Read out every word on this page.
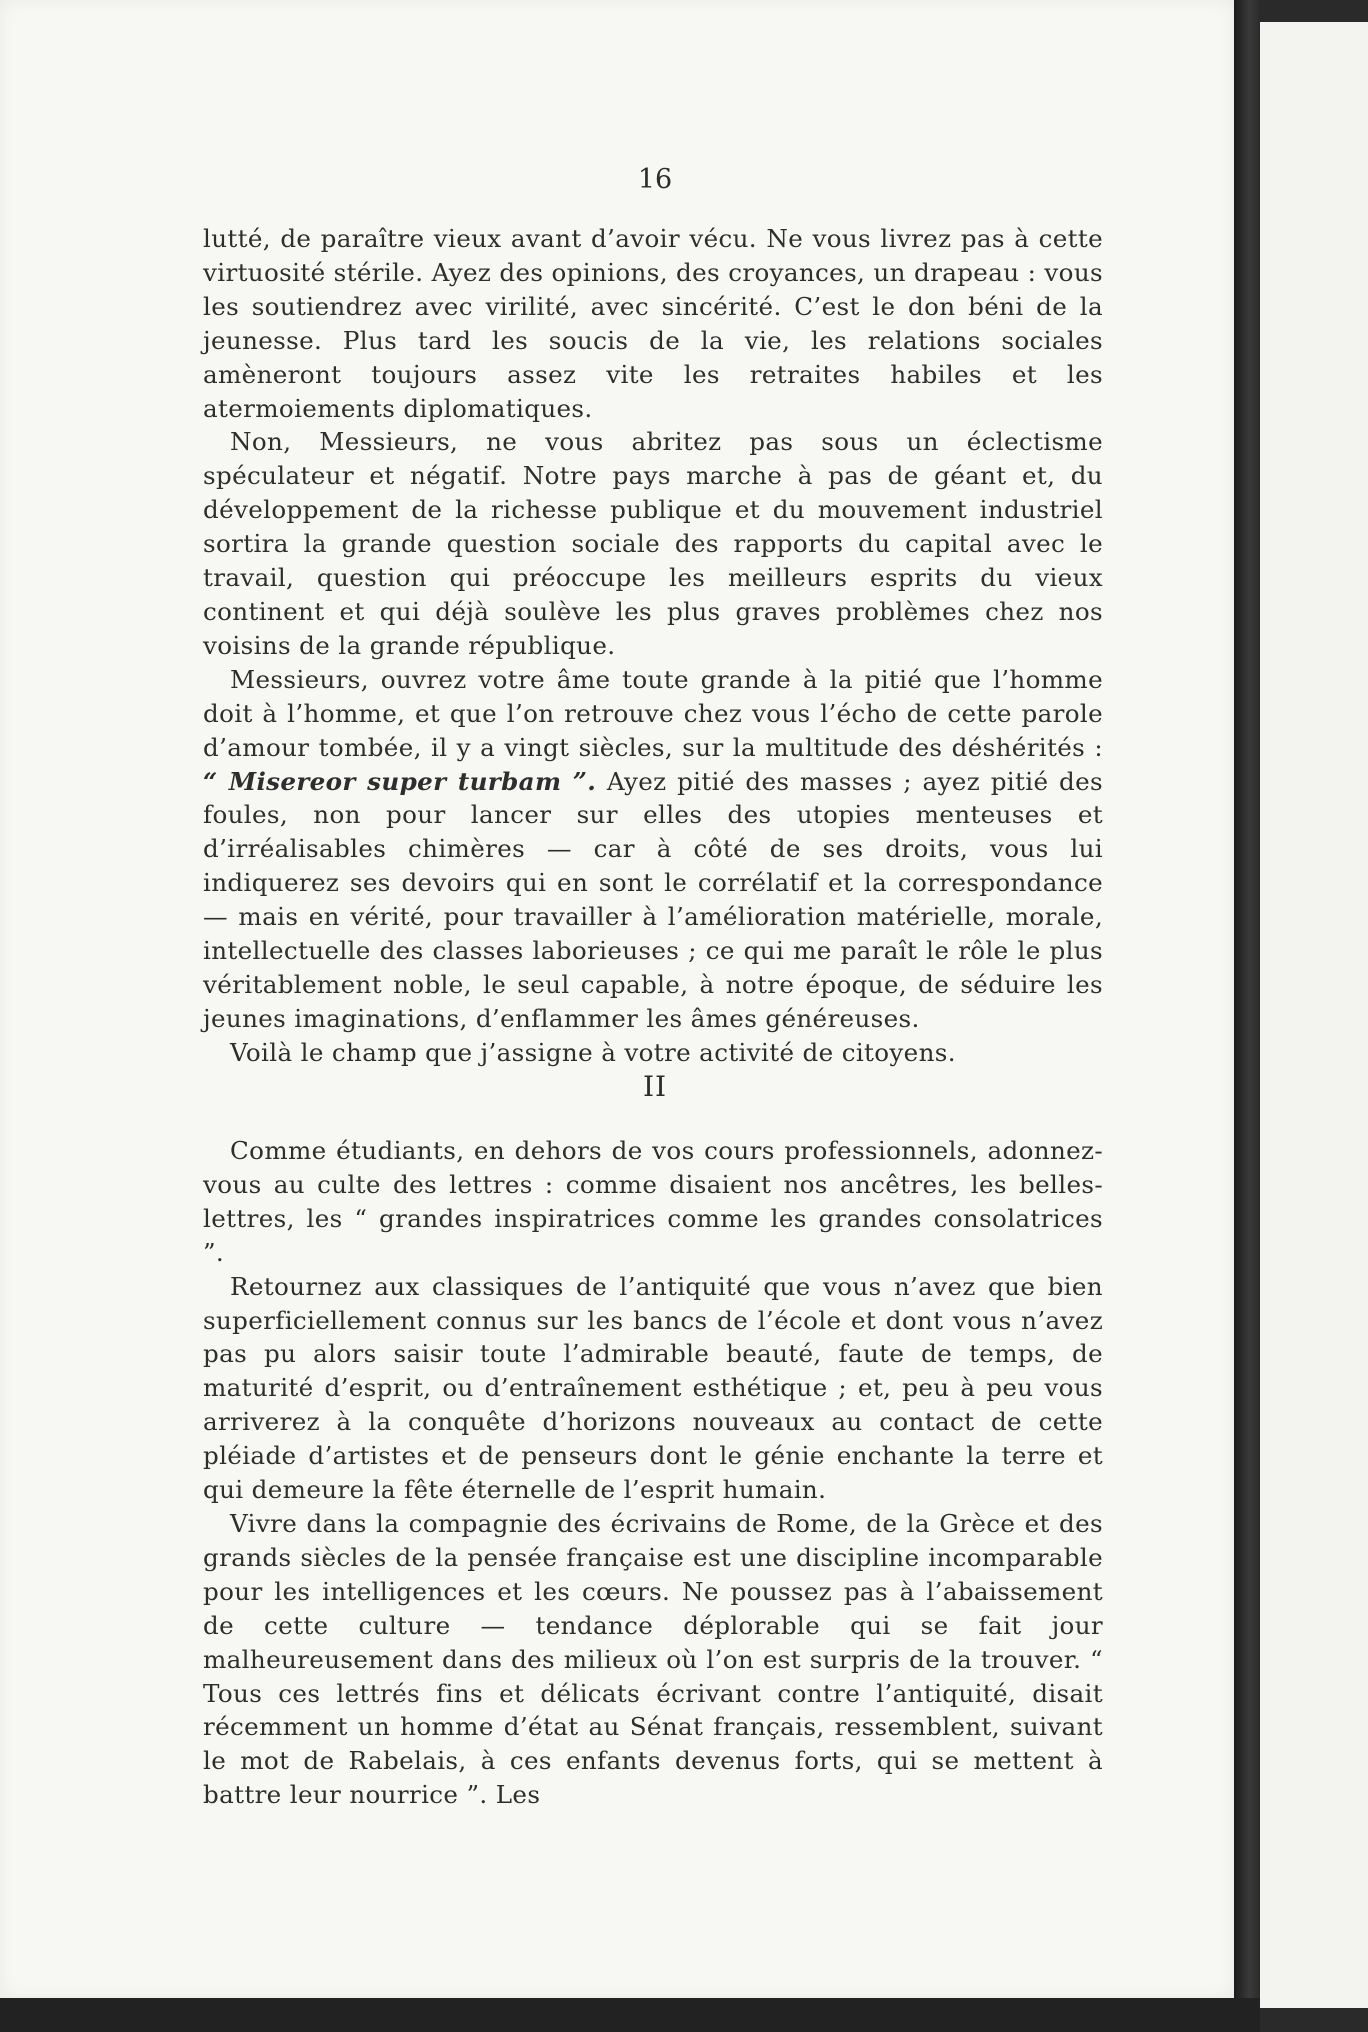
16

lutté, de paraître vieux avant d’avoir vécu. Ne vous livrez pas à cette virtuosité stérile. Ayez des opinions, des croyances, un drapeau : vous les soutiendrez avec virilité, avec sincérité. C’est le don béni de la jeunesse. Plus tard les soucis de la vie, les relations sociales amèneront toujours assez vite les retraites habiles et les atermoiements diplomatiques.

Non, Messieurs, ne vous abritez pas sous un éclectisme spéculateur et négatif. Notre pays marche à pas de géant et, du développement de la richesse publique et du mouvement industriel sortira la grande question sociale des rapports du capital avec le travail, question qui préoccupe les meilleurs esprits du vieux continent et qui déjà soulève les plus graves problèmes chez nos voisins de la grande république.

Messieurs, ouvrez votre âme toute grande à la pitié que l’homme doit à l’homme, et que l’on retrouve chez vous l’écho de cette parole d’amour tombée, il y a vingt siècles, sur la multitude des déshérités : “ Misereor super turbam ”. Ayez pitié des masses ; ayez pitié des foules, non pour lancer sur elles des utopies menteuses et d’irréalisables chimères — car à côté de ses droits, vous lui indiquerez ses devoirs qui en sont le corrélatif et la correspondance — mais en vérité, pour travailler à l’amélioration matérielle, morale, intellectuelle des classes laborieuses ; ce qui me paraît le rôle le plus véritablement noble, le seul capable, à notre époque, de séduire les jeunes imaginations, d’enflammer les âmes généreuses.

Voilà le champ que j’assigne à votre activité de citoyens.

II

Comme étudiants, en dehors de vos cours professionnels, adonnez-vous au culte des lettres : comme disaient nos ancêtres, les belles-lettres, les “ grandes inspiratrices comme les grandes consolatrices ”.

Retournez aux classiques de l’antiquité que vous n’avez que bien superficiellement connus sur les bancs de l’école et dont vous n’avez pas pu alors saisir toute l’admirable beauté, faute de temps, de maturité d’esprit, ou d’entraînement esthétique ; et, peu à peu vous arriverez à la conquête d’horizons nouveaux au contact de cette pléiade d’artistes et de penseurs dont le génie enchante la terre et qui demeure la fête éternelle de l’esprit humain.

Vivre dans la compagnie des écrivains de Rome, de la Grèce et des grands siècles de la pensée française est une discipline incomparable pour les intelligences et les cœurs. Ne poussez pas à l’abaissement de cette culture — tendance déplorable qui se fait jour malheureusement dans des milieux où l’on est surpris de la trouver. “ Tous ces lettrés fins et délicats écrivant contre l’antiquité, disait récemment un homme d’état au Sénat français, ressemblent, suivant le mot de Rabelais, à ces enfants devenus forts, qui se mettent à battre leur nourrice ”. Les
